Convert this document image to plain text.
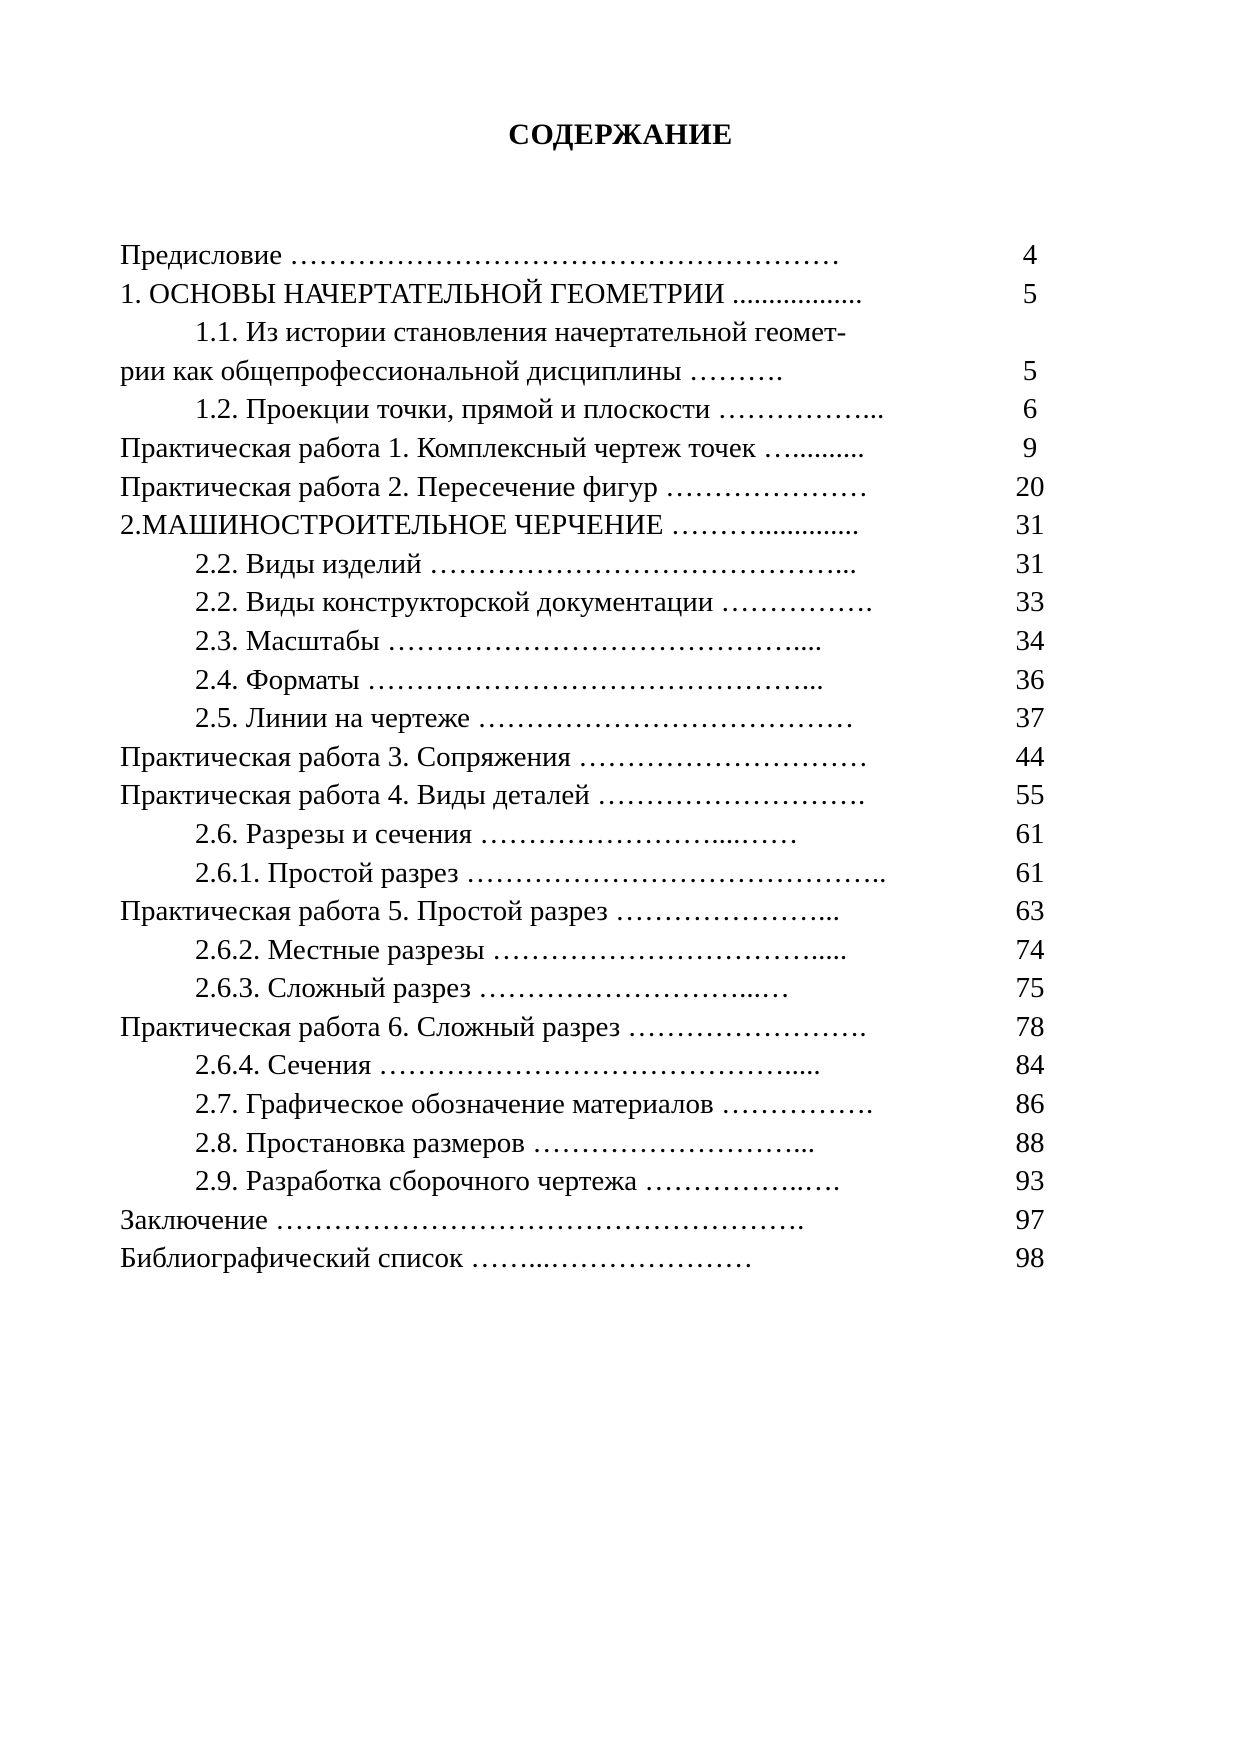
СОДЕРЖАНИЕ
Предисловие …………………………………………………	4
1. ОСНОВЫ НАЧЕРТАТЕЛЬНОЙ ГЕОМЕТРИИ ..................	5
1.1. Из истории становления начертательной геомет-
рии как общепрофессиональной дисциплины ……….	5
1.2. Проекции точки, прямой и плоскости ……………...	6
Практическая работа 1. Комплексный чертеж точек …..........	9
Практическая работа 2. Пересечение фигур …………………	20
2.МАШИНОСТРОИТЕЛЬНОЕ ЧЕРЧЕНИЕ ………..............	31
2.2. Виды изделий ……………………………………...	31
2.2. Виды конструкторской документации …………….	33
2.3. Масштабы ……………………………………....	34
2.4. Форматы ………………………………………...	36
2.5. Линии на чертеже …………………………………	37
Практическая работа 3. Сопряжения …………………………	44
Практическая работа 4. Виды деталей ……………………….	55
2.6. Разрезы и сечения ……………………....……	61
2.6.1. Простой разрез ……………………………………..	61
Практическая работа 5. Простой разрез …………………...	63
2.6.2. Местные разрезы …………………………….....	74
2.6.3. Сложный разрез ………………………...…	75
Практическая работа 6. Сложный разрез …………………….	78
2.6.4. Сечения …………………………………….....	84
2.7. Графическое обозначение материалов …………….	86
2.8. Простановка размеров ………………………...	88
2.9. Разработка сборочного чертежа ……………..….	93
Заключение ……………………………………………….	97
Библиографический список ……...…………………	98
